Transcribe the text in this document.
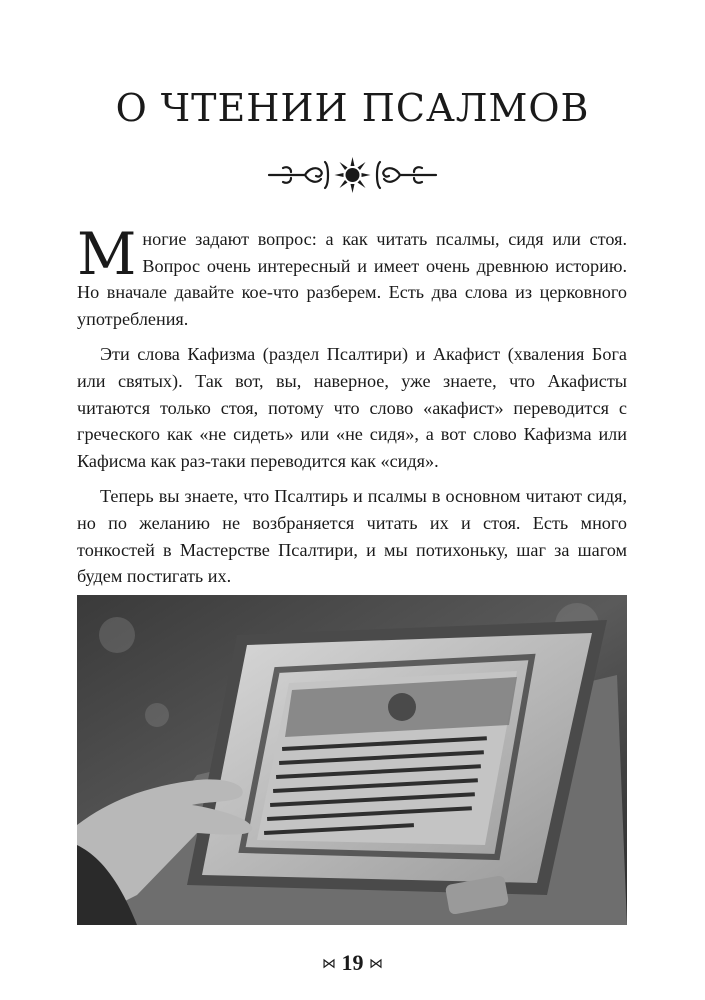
О ЧТЕНИИ ПСАЛМОВ

Многие задают вопрос: а как читать псалмы, сидя или стоя. Вопрос очень интересный и имеет очень древнюю историю. Но вначале давайте кое-что разберем. Есть два слова из церковного употребления.

Эти слова Кафизма (раздел Псалтири) и Акафист (хваления Бога или святых). Так вот, вы, наверное, уже знаете, что Акафисты читаются только стоя, потому что слово «акафист» переводится с греческого как «не сидеть» или «не сидя», а вот слово Кафизма или Кафисма как раз-таки переводится как «сидя».

Теперь вы знаете, что Псалтирь и псалмы в основном читают сидя, но по желанию не возбраняется читать их и стоя. Есть много тонкостей в Мастерстве Псалтири, и мы потихоньку, шаг за шагом будем постигать их.

⋈ 19 ⋈
